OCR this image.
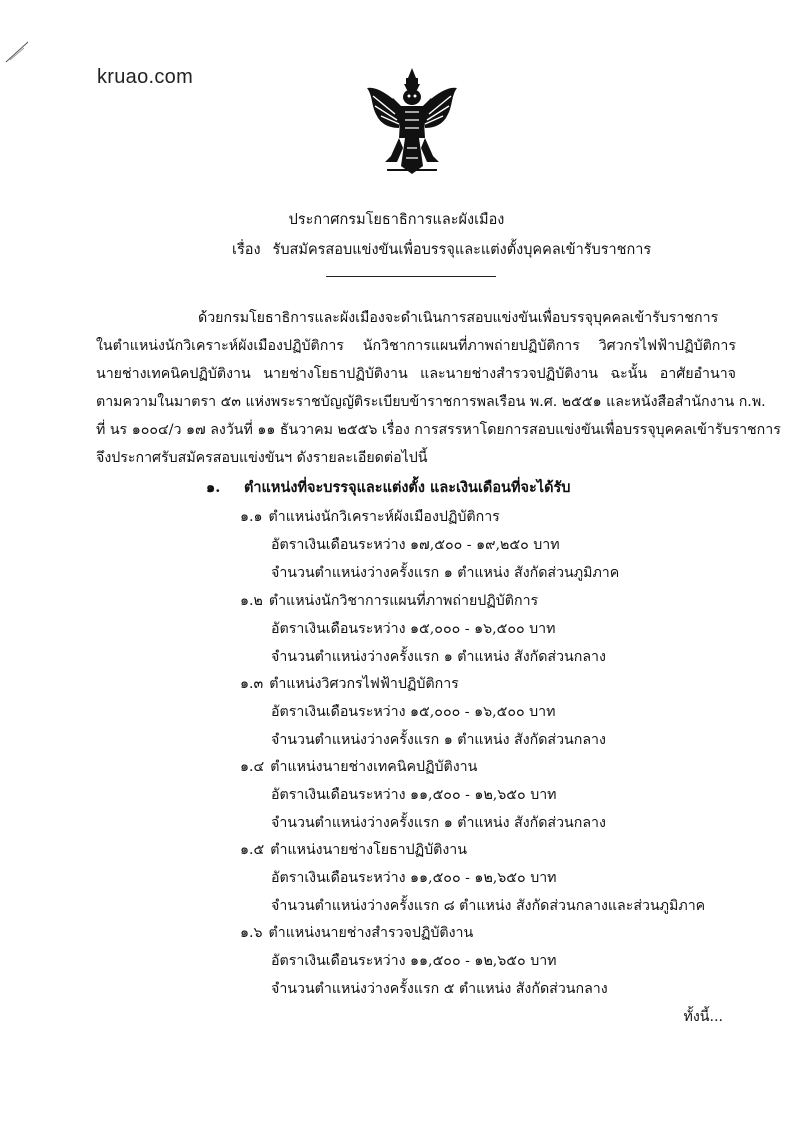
kruao.com
ประกาศกรมโยธาธิการและผังเมือง
เรื่อง รับสมัครสอบแข่งขันเพื่อบรรจุและแต่งตั้งบุคคลเข้ารับราชการ
ด้วยกรมโยธาธิการและผังเมืองจะดำเนินการสอบแข่งขันเพื่อบรรจุบุคคลเข้ารับราชการ
ในตำแหน่งนักวิเคราะห์ผังเมืองปฏิบัติการ นักวิชาการแผนที่ภาพถ่ายปฏิบัติการ วิศวกรไฟฟ้าปฏิบัติการ
นายช่างเทคนิคปฏิบัติงาน นายช่างโยธาปฏิบัติงาน และนายช่างสำรวจปฏิบัติงาน ฉะนั้น อาศัยอำนาจ
ตามความในมาตรา ๕๓ แห่งพระราชบัญญัติระเบียบข้าราชการพลเรือน พ.ศ. ๒๕๕๑ และหนังสือสำนักงาน ก.พ.
ที่ นร ๑๐๐๔/ว ๑๗ ลงวันที่ ๑๑ ธันวาคม ๒๕๕๖ เรื่อง การสรรหาโดยการสอบแข่งขันเพื่อบรรจุบุคคลเข้ารับราชการ
จึงประกาศรับสมัครสอบแข่งขันฯ ดังรายละเอียดต่อไปนี้
๑. ตำแหน่งที่จะบรรจุและแต่งตั้ง และเงินเดือนที่จะได้รับ
๑.๑ ตำแหน่งนักวิเคราะห์ผังเมืองปฏิบัติการ
อัตราเงินเดือนระหว่าง ๑๗,๕๐๐ - ๑๙,๒๕๐ บาท
จำนวนตำแหน่งว่างครั้งแรก ๑ ตำแหน่ง สังกัดส่วนภูมิภาค
๑.๒ ตำแหน่งนักวิชาการแผนที่ภาพถ่ายปฏิบัติการ
อัตราเงินเดือนระหว่าง ๑๕,๐๐๐ - ๑๖,๕๐๐ บาท
จำนวนตำแหน่งว่างครั้งแรก ๑ ตำแหน่ง สังกัดส่วนกลาง
๑.๓ ตำแหน่งวิศวกรไฟฟ้าปฏิบัติการ
อัตราเงินเดือนระหว่าง ๑๕,๐๐๐ - ๑๖,๕๐๐ บาท
จำนวนตำแหน่งว่างครั้งแรก ๑ ตำแหน่ง สังกัดส่วนกลาง
๑.๔ ตำแหน่งนายช่างเทคนิคปฏิบัติงาน
อัตราเงินเดือนระหว่าง ๑๑,๕๐๐ - ๑๒,๖๕๐ บาท
จำนวนตำแหน่งว่างครั้งแรก ๑ ตำแหน่ง สังกัดส่วนกลาง
๑.๕ ตำแหน่งนายช่างโยธาปฏิบัติงาน
อัตราเงินเดือนระหว่าง ๑๑,๕๐๐ - ๑๒,๖๕๐ บาท
จำนวนตำแหน่งว่างครั้งแรก ๘ ตำแหน่ง สังกัดส่วนกลางและส่วนภูมิภาค
๑.๖ ตำแหน่งนายช่างสำรวจปฏิบัติงาน
อัตราเงินเดือนระหว่าง ๑๑,๕๐๐ - ๑๒,๖๕๐ บาท
จำนวนตำแหน่งว่างครั้งแรก ๕ ตำแหน่ง สังกัดส่วนกลาง
ทั้งนี้...
